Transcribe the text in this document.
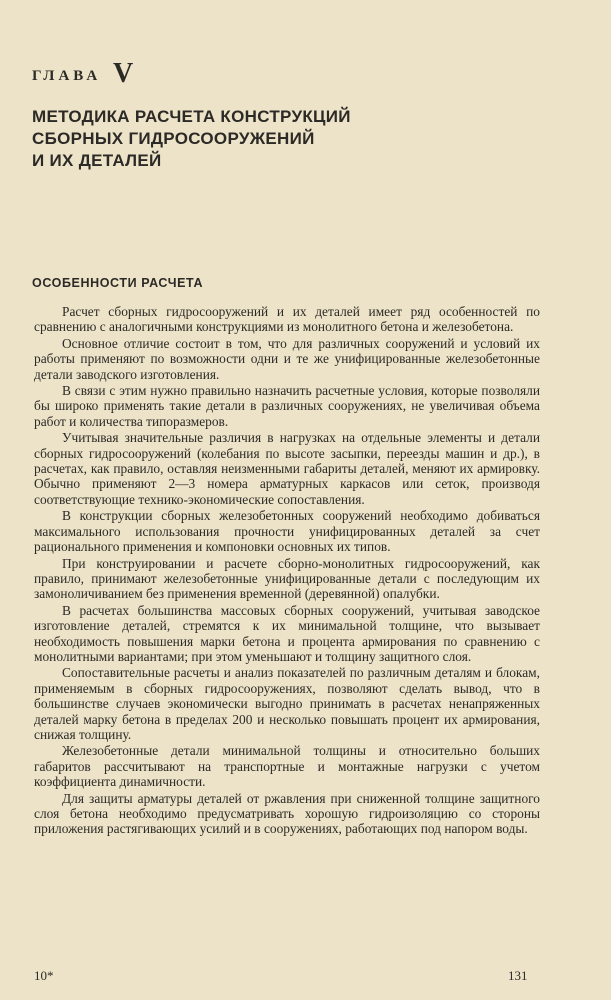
ГЛАВА V
МЕТОДИКА РАСЧЕТА КОНСТРУКЦИЙ
СБОРНЫХ ГИДРОСООРУЖЕНИЙ
И ИХ ДЕТАЛЕЙ
ОСОБЕННОСТИ РАСЧЕТА

Расчет сборных гидросооружений и их деталей имеет ряд особенностей по сравнению с аналогичными конструкциями из монолитного бетона и железобетона.

Основное отличие состоит в том, что для различных сооружений и условий их работы применяют по возможности одни и те же унифицированные железобетонные детали заводского изготовления.

В связи с этим нужно правильно назначить расчетные условия, которые позволяли бы широко применять такие детали в различных сооружениях, не увеличивая объема работ и количества типоразмеров.

Учитывая значительные различия в нагрузках на отдельные элементы и детали сборных гидросооружений (колебания по высоте засыпки, переезды машин и др.), в расчетах, как правило, оставляя неизменными габариты деталей, меняют их армировку. Обычно применяют 2—3 номера арматурных каркасов или сеток, производя соответствующие технико-экономические сопоставления.

В конструкции сборных железобетонных сооружений необходимо добиваться максимального использования прочности унифицированных деталей за счет рационального применения и компоновки основных их типов.

При конструировании и расчете сборно-монолитных гидросооружений, как правило, принимают железобетонные унифицированные детали с последующим их замоноличиванием без применения временной (деревянной) опалубки.

В расчетах большинства массовых сборных сооружений, учитывая заводское изготовление деталей, стремятся к их минимальной толщине, что вызывает необходимость повышения марки бетона и процента армирования по сравнению с монолитными вариантами; при этом уменьшают и толщину защитного слоя.

Сопоставительные расчеты и анализ показателей по различным деталям и блокам, применяемым в сборных гидросооружениях, позволяют сделать вывод, что в большинстве случаев экономически выгодно принимать в расчетах ненапряженных деталей марку бетона в пределах 200 и несколько повышать процент их армирования, снижая толщину.

Железобетонные детали минимальной толщины и относительно больших габаритов рассчитывают на транспортные и монтажные нагрузки с учетом коэффициента динамичности.

Для защиты арматуры деталей от ржавления при сниженной толщине защитного слоя бетона необходимо предусматривать хорошую гидроизоляцию со стороны приложения растягивающих усилий и в сооружениях, работающих под напором воды.

10*	131
